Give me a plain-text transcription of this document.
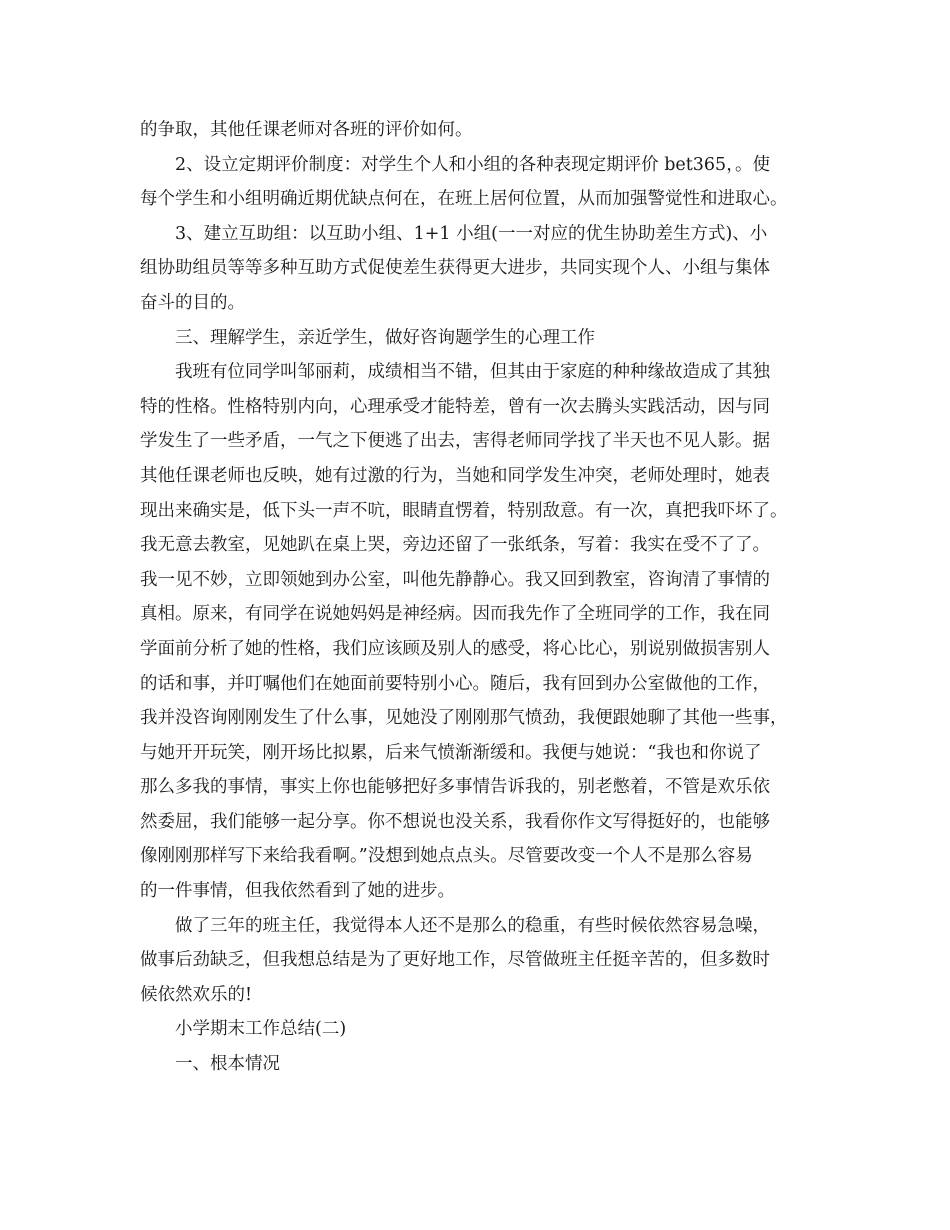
的争取，其他任课老师对各班的评价如何。
2、设立定期评价制度：对学生个人和小组的各种表现定期评价 bet365，。使
每个学生和小组明确近期优缺点何在，在班上居何位置，从而加强警觉性和进取心。
3、建立互助组：以互助小组、1+1 小组(一一对应的优生协助差生方式)、小
组协助组员等等多种互助方式促使差生获得更大进步，共同实现个人、小组与集体
奋斗的目的。
三、理解学生，亲近学生，做好咨询题学生的心理工作
我班有位同学叫邹丽莉，成绩相当不错，但其由于家庭的种种缘故造成了其独
特的性格。性格特别内向，心理承受才能特差，曾有一次去腾头实践活动，因与同
学发生了一些矛盾，一气之下便逃了出去，害得老师同学找了半天也不见人影。据
其他任课老师也反映，她有过激的行为，当她和同学发生冲突，老师处理时，她表
现出来确实是，低下头一声不吭，眼睛直愣着，特别敌意。有一次，真把我吓坏了。
我无意去教室，见她趴在桌上哭，旁边还留了一张纸条，写着：我实在受不了了。
我一见不妙，立即领她到办公室，叫他先静静心。我又回到教室，咨询清了事情的
真相。原来，有同学在说她妈妈是神经病。因而我先作了全班同学的工作，我在同
学面前分析了她的性格，我们应该顾及别人的感受，将心比心，别说别做损害别人
的话和事，并叮嘱他们在她面前要特别小心。随后，我有回到办公室做他的工作，
我并没咨询刚刚发生了什么事，见她没了刚刚那气愤劲，我便跟她聊了其他一些事，
与她开开玩笑，刚开场比拟累，后来气愤渐渐缓和。我便与她说：“我也和你说了
那么多我的事情，事实上你也能够把好多事情告诉我的，别老憋着，不管是欢乐依
然委屈，我们能够一起分享。你不想说也没关系，我看你作文写得挺好的，也能够
像刚刚那样写下来给我看啊。”没想到她点点头。尽管要改变一个人不是那么容易
的一件事情，但我依然看到了她的进步。
做了三年的班主任，我觉得本人还不是那么的稳重，有些时候依然容易急噪，
做事后劲缺乏，但我想总结是为了更好地工作，尽管做班主任挺辛苦的，但多数时
候依然欢乐的!
小学期末工作总结(二)
一、根本情况
